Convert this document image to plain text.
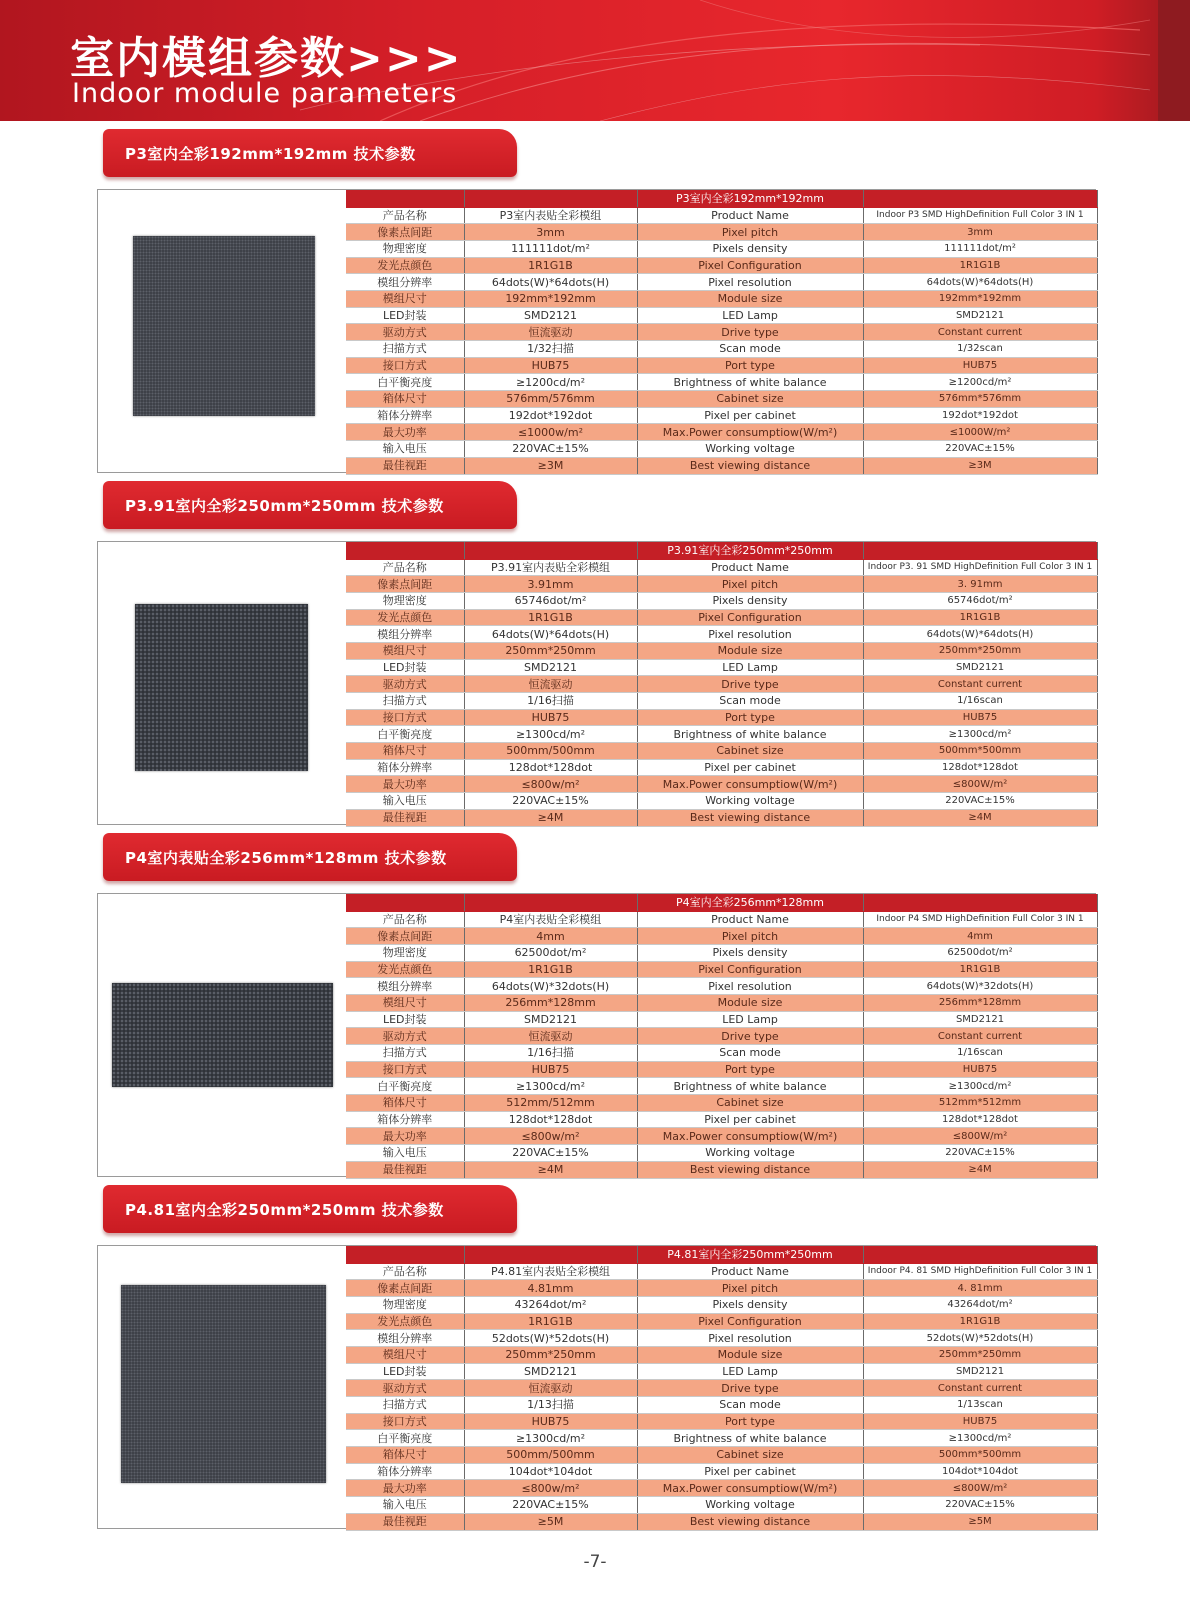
室内模组参数>>>
Indoor module parameters
P3室内全彩192mm*192mm 技术参数
		P3室内全彩192mm*192mm	
产品名称	P3室内表贴全彩模组	Product Name	Indoor P3 SMD HighDefinition Full Color 3 IN 1
像素点间距	3mm	Pixel pitch	3mm
物理密度	111111dot/m²	Pixels density	111111dot/m²
发光点颜色	1R1G1B	Pixel Configuration	1R1G1B
模组分辨率	64dots(W)*64dots(H)	Pixel resolution	64dots(W)*64dots(H)
模组尺寸	192mm*192mm	Module size	192mm*192mm
LED封装	SMD2121	LED Lamp	SMD2121
驱动方式	恒流驱动	Drive type	Constant current
扫描方式	1/32扫描	Scan mode	1/32scan
接口方式	HUB75	Port type	HUB75
白平衡亮度	≥1200cd/m²	Brightness of white balance	≥1200cd/m²
箱体尺寸	576mm/576mm	Cabinet size	576mm*576mm
箱体分辨率	192dot*192dot	Pixel per cabinet	192dot*192dot
最大功率	≤1000w/m²	Max.Power consumptiow(W/m²)	≤1000W/m²
输入电压	220VAC±15%	Working voltage	220VAC±15%
最佳视距	≥3M	Best viewing distance	≥3M
P3.91室内全彩250mm*250mm 技术参数
		P3.91室内全彩250mm*250mm	
产品名称	P3.91室内表贴全彩模组	Product Name	Indoor P3. 91 SMD HighDefinition Full Color 3 IN 1
像素点间距	3.91mm	Pixel pitch	3. 91mm
物理密度	65746dot/m²	Pixels density	65746dot/m²
发光点颜色	1R1G1B	Pixel Configuration	1R1G1B
模组分辨率	64dots(W)*64dots(H)	Pixel resolution	64dots(W)*64dots(H)
模组尺寸	250mm*250mm	Module size	250mm*250mm
LED封装	SMD2121	LED Lamp	SMD2121
驱动方式	恒流驱动	Drive type	Constant current
扫描方式	1/16扫描	Scan mode	1/16scan
接口方式	HUB75	Port type	HUB75
白平衡亮度	≥1300cd/m²	Brightness of white balance	≥1300cd/m²
箱体尺寸	500mm/500mm	Cabinet size	500mm*500mm
箱体分辨率	128dot*128dot	Pixel per cabinet	128dot*128dot
最大功率	≤800w/m²	Max.Power consumptiow(W/m²)	≤800W/m²
输入电压	220VAC±15%	Working voltage	220VAC±15%
最佳视距	≥4M	Best viewing distance	≥4M
P4室内表贴全彩256mm*128mm 技术参数
		P4室内全彩256mm*128mm	
产品名称	P4室内表贴全彩模组	Product Name	Indoor P4 SMD HighDefinition Full Color 3 IN 1
像素点间距	4mm	Pixel pitch	4mm
物理密度	62500dot/m²	Pixels density	62500dot/m²
发光点颜色	1R1G1B	Pixel Configuration	1R1G1B
模组分辨率	64dots(W)*32dots(H)	Pixel resolution	64dots(W)*32dots(H)
模组尺寸	256mm*128mm	Module size	256mm*128mm
LED封装	SMD2121	LED Lamp	SMD2121
驱动方式	恒流驱动	Drive type	Constant current
扫描方式	1/16扫描	Scan mode	1/16scan
接口方式	HUB75	Port type	HUB75
白平衡亮度	≥1300cd/m²	Brightness of white balance	≥1300cd/m²
箱体尺寸	512mm/512mm	Cabinet size	512mm*512mm
箱体分辨率	128dot*128dot	Pixel per cabinet	128dot*128dot
最大功率	≤800w/m²	Max.Power consumptiow(W/m²)	≤800W/m²
输入电压	220VAC±15%	Working voltage	220VAC±15%
最佳视距	≥4M	Best viewing distance	≥4M
P4.81室内全彩250mm*250mm 技术参数
		P4.81室内全彩250mm*250mm	
产品名称	P4.81室内表贴全彩模组	Product Name	Indoor P4. 81 SMD HighDefinition Full Color 3 IN 1
像素点间距	4.81mm	Pixel pitch	4. 81mm
物理密度	43264dot/m²	Pixels density	43264dot/m²
发光点颜色	1R1G1B	Pixel Configuration	1R1G1B
模组分辨率	52dots(W)*52dots(H)	Pixel resolution	52dots(W)*52dots(H)
模组尺寸	250mm*250mm	Module size	250mm*250mm
LED封装	SMD2121	LED Lamp	SMD2121
驱动方式	恒流驱动	Drive type	Constant current
扫描方式	1/13扫描	Scan mode	1/13scan
接口方式	HUB75	Port type	HUB75
白平衡亮度	≥1300cd/m²	Brightness of white balance	≥1300cd/m²
箱体尺寸	500mm/500mm	Cabinet size	500mm*500mm
箱体分辨率	104dot*104dot	Pixel per cabinet	104dot*104dot
最大功率	≤800w/m²	Max.Power consumptiow(W/m²)	≤800W/m²
输入电压	220VAC±15%	Working voltage	220VAC±15%
最佳视距	≥5M	Best viewing distance	≥5M
-7-
